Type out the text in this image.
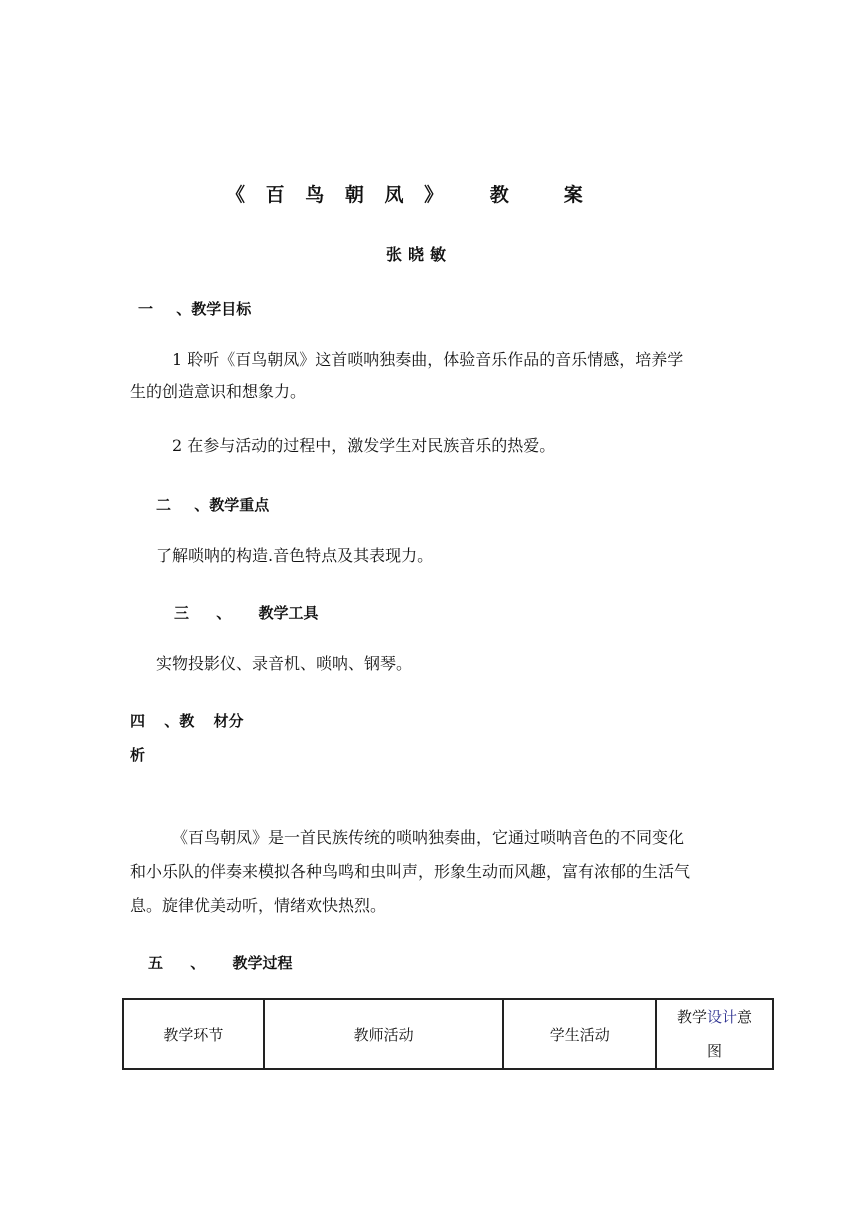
《 百 鸟 朝 凤 》 教　案
张晓敏
一 、教学目标
1 聆听《百鸟朝凤》这首唢呐独奏曲，体验音乐作品的音乐情感，培养学
生的创造意识和想象力。
2 在参与活动的过程中，激发学生对民族音乐的热爱。
二 、教学重点
了解唢呐的构造.音色特点及其表现力。
三 、 教学工具
实物投影仪、录音机、唢呐、钢琴。
四 、教 材分
析
《百鸟朝凤》是一首民族传统的唢呐独奏曲，它通过唢呐音色的不同变化
和小乐队的伴奏来模拟各种鸟鸣和虫叫声，形象生动而风趣，富有浓郁的生活气
息。旋律优美动听，情绪欢快热烈。
五 、 教学过程
教学环节	教师活动	学生活动	教学设计意
图
